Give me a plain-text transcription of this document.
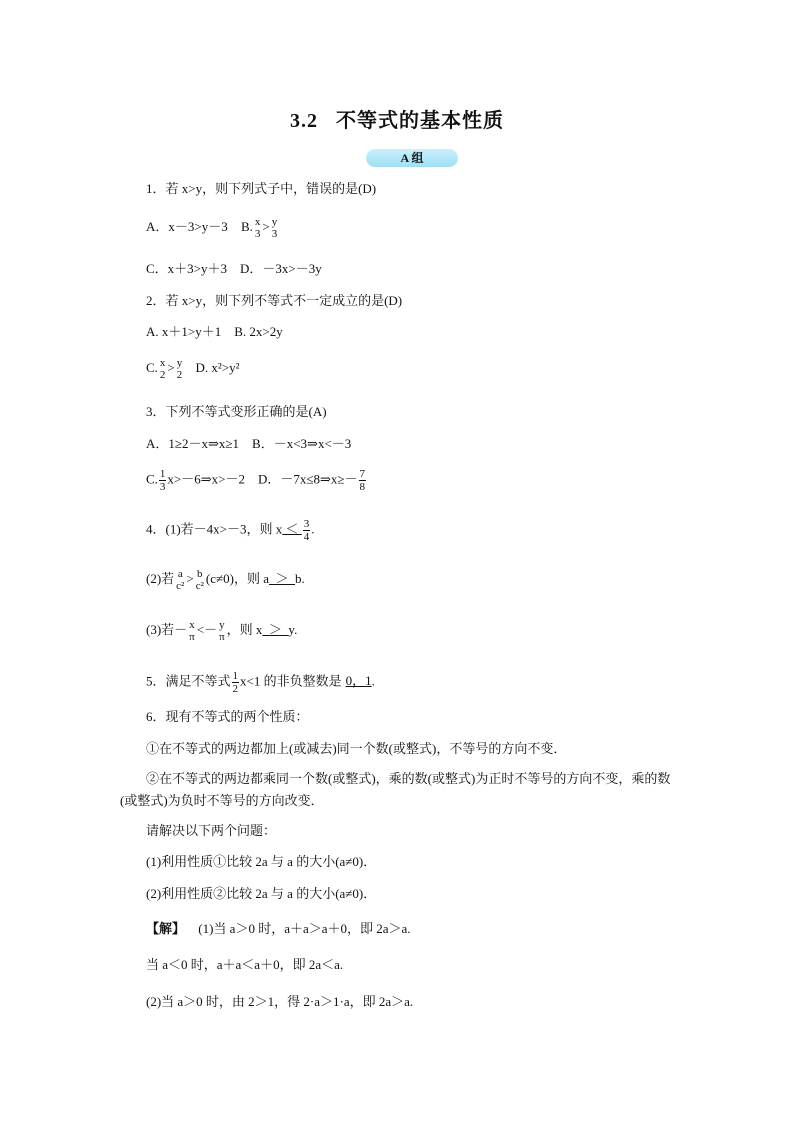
3.2 不等式的基本性质
A 组
1．若 x>y，则下列式子中，错误的是(D)
A．x－3>y－3 B. x
3
> y
3
C．x＋3>y＋3　D．－3x>－3y
2．若 x>y，则下列不等式不一定成立的是(D)
A. x＋1>y＋1　B. 2x>2y
C. x
2
> y
2
D. x²>y²
3．下列不等式变形正确的是(A)
A．1≥2－x⇒x≥1　B．－x<3⇒x<－3
C. $\frac{1}{3}$ x>－6⇒x>－2　D．－7x≤8⇒x≥－ $\frac{7}{8}$
4．(1)若－4x>－3，则 $x < \frac{3}{4}$ .
(2)若 a
c²
> b
c²
(c≠0)，则 a ＞ b.
(3)若－ x
π
<－ y
π
，则 x ＞ y.
5．满足不等式 $\frac{1}{2} x<1$ 的非负整数是 0，1.
6．现有不等式的两个性质：
①在不等式的两边都加上(或减去)同一个数(或整式)，不等号的方向不变．
②在不等式的两边都乘同一个数(或整式)，乘的数(或整式)为正时不等号的方向不变，乘的数(或整式)为负时不等号的方向改变．
请解决以下两个问题：
(1)利用性质①比较 2a 与 a 的大小(a≠0)．
(2)利用性质②比较 2a 与 a 的大小(a≠0)．
【解】 (1)当 a＞0 时，a＋a＞a＋0，即 2a＞a.
当 a＜0 时，a＋a＜a＋0，即 2a＜a.
(2)当 a＞0 时，由 2＞1，得 2·a＞1·a，即 2a＞a.
